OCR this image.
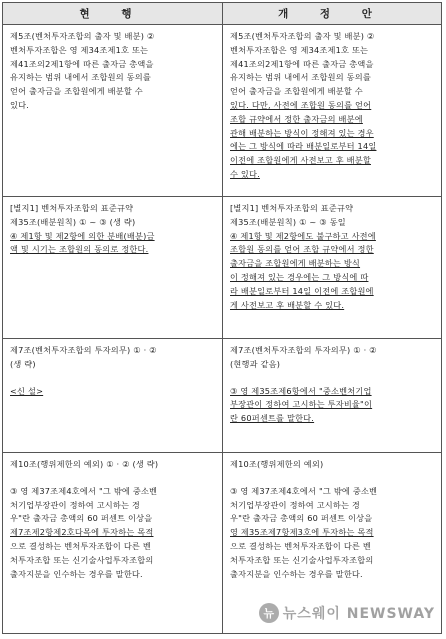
현 행	개 정 안
제5조(벤처투자조합의 출자 및 배분) ②
벤처투자조합은 영 제34조제1호 또는
제41조의2제1항에 따른 출자금 총액을
유지하는 범위 내에서 조합원의 동의를
얻어 출자금을 조합원에게 배분할 수
있다.
제5조(벤처투자조합의 출자 및 배분) ②
벤처투자조합은 영 제34조제1호 또는
제41조의2제1항에 따른 출자금 총액을
유지하는 범위 내에서 조합원의 동의를
얻어 출자금을 조합원에게 배분할 수
있다. 다만, 사전에 조합원 동의를 얻어
조합 규약에서 정한 출자금의 배분에
관해 배분하는 방식이 정해져 있는 경우
에는 그 방식에 따라 배분일로부터 14일
이전에 조합원에게 사전보고 후 배분할
수 있다.
[별지1] 벤처투자조합의 표준규약
제35조(배분원칙) ① ~ ③ (생 략)
④ 제1항 및 제2항에 의한 분배(배분)금
액 및 시기는 조합원의 동의로 정한다.
[별지1] 벤처투자조합의 표준규약
제35조(배분원칙) ① ~ ③ 동일
④ 제1항 및 제2항에도 불구하고 사전에
조합원 동의를 얻어 조합 규약에서 정한
출자금을 조합원에게 배분하는 방식
이 정해져 있는 경우에는 그 방식에 따
라 배분일로부터 14일 이전에 조합원에
게 사전보고 후 배분할 수 있다.
제7조(벤처투자조합의 투자의무) ① · ②
(생 략)
<신 설>
제7조(벤처투자조합의 투자의무) ① · ②
(현행과 같음)
③ 영 제35조제6항에서 "중소벤처기업
부장관이 정하여 고시하는 투자비율"이
란 60퍼센트를 말한다.
제10조(행위제한의 예외) ① · ② (생 략)
③ 영 제37조제4호에서 "그 밖에 중소벤
처기업부장관이 정하여 고시하는 경
우"란 출자금 총액의 60 퍼센트 이상을
제7조제2항제2호다목에 투자하는 목적
으로 결성하는 벤처투자조합이 다른 벤
처투자조합 또는 신기술사업투자조합의
출자지분을 인수하는 경우를 말한다.
제10조(행위제한의 예외)
③ 영 제37조제4호에서 "그 밖에 중소벤
처기업부장관이 정하여 고시하는 경
우"란 출자금 총액의 60 퍼센트 이상을
영 제35조제7항제3호에 투자하는 목적
으로 결성하는 벤처투자조합이 다른 벤
처투자조합 또는 신기술사업투자조합의
출자지분을 인수하는 경우를 말한다.
뉴 뉴스웨이 NEWSWAY
